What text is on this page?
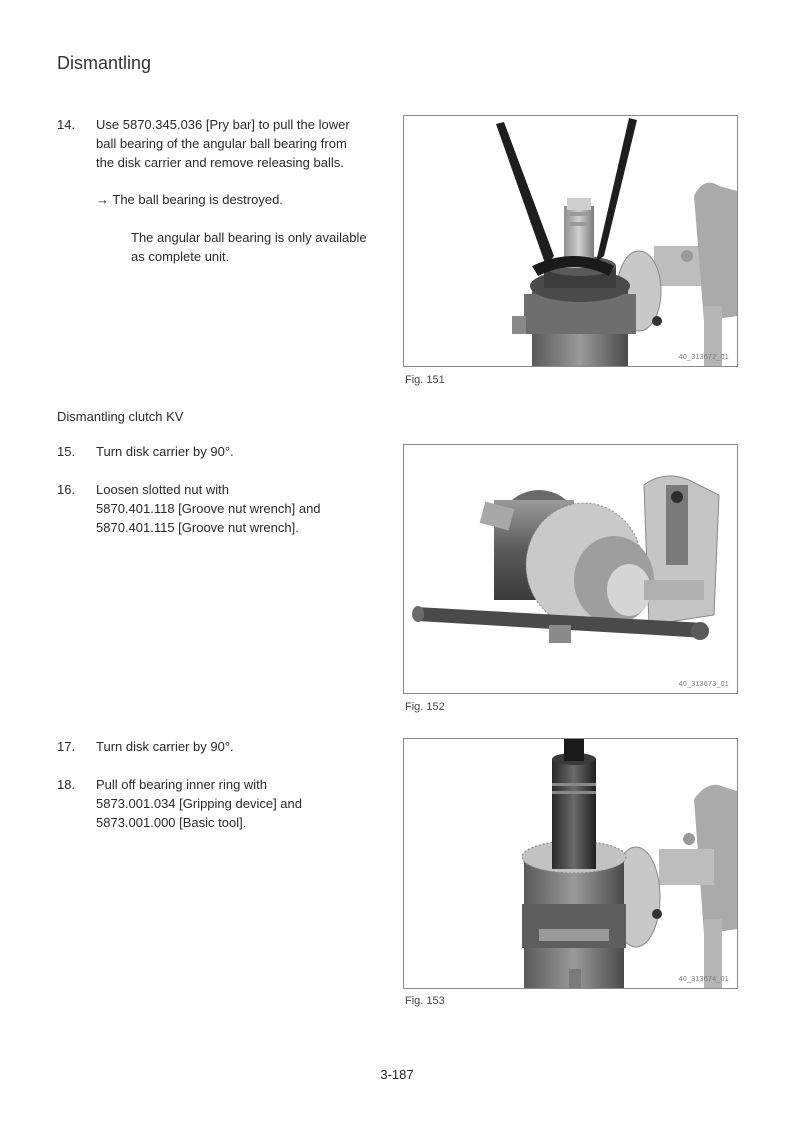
Dismantling
14. Use 5870.345.036 [Pry bar] to pull the lower
ball bearing of the angular ball bearing from
the disk carrier and remove releasing balls.
→ The ball bearing is destroyed.
The angular ball bearing is only available
as complete unit.
40_313672_01
Fig. 151
Dismantling clutch KV
15. Turn disk carrier by 90°.
16. Loosen slotted nut with
5870.401.118 [Groove nut wrench] and
5870.401.115 [Groove nut wrench].
40_313673_01
Fig. 152
17. Turn disk carrier by 90°.
18. Pull off bearing inner ring with
5873.001.034 [Gripping device] and
5873.001.000 [Basic tool].
40_313674_01
Fig. 153
3-187
